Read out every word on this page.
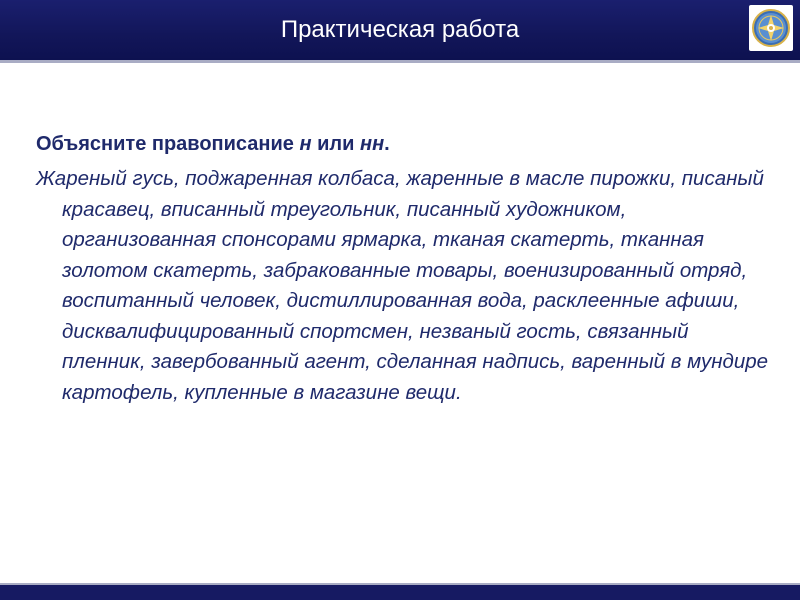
Практическая работа

Объясните правописание н или нн.

Жареный гусь, поджаренная колбаса, жаренные в масле пирожки, писаный красавец, вписанный треугольник, писанный художником, организованная спонсорами ярмарка, тканая скатерть, тканная золотом скатерть, забракованные товары, военизированный отряд, воспитанный человек, дистиллированная вода, расклеенные афиши, дисквалифицированный спортсмен, незваный гость, связанный пленник, завербованный агент, сделанная надпись, варенный в мундире картофель, купленные в магазине вещи.
